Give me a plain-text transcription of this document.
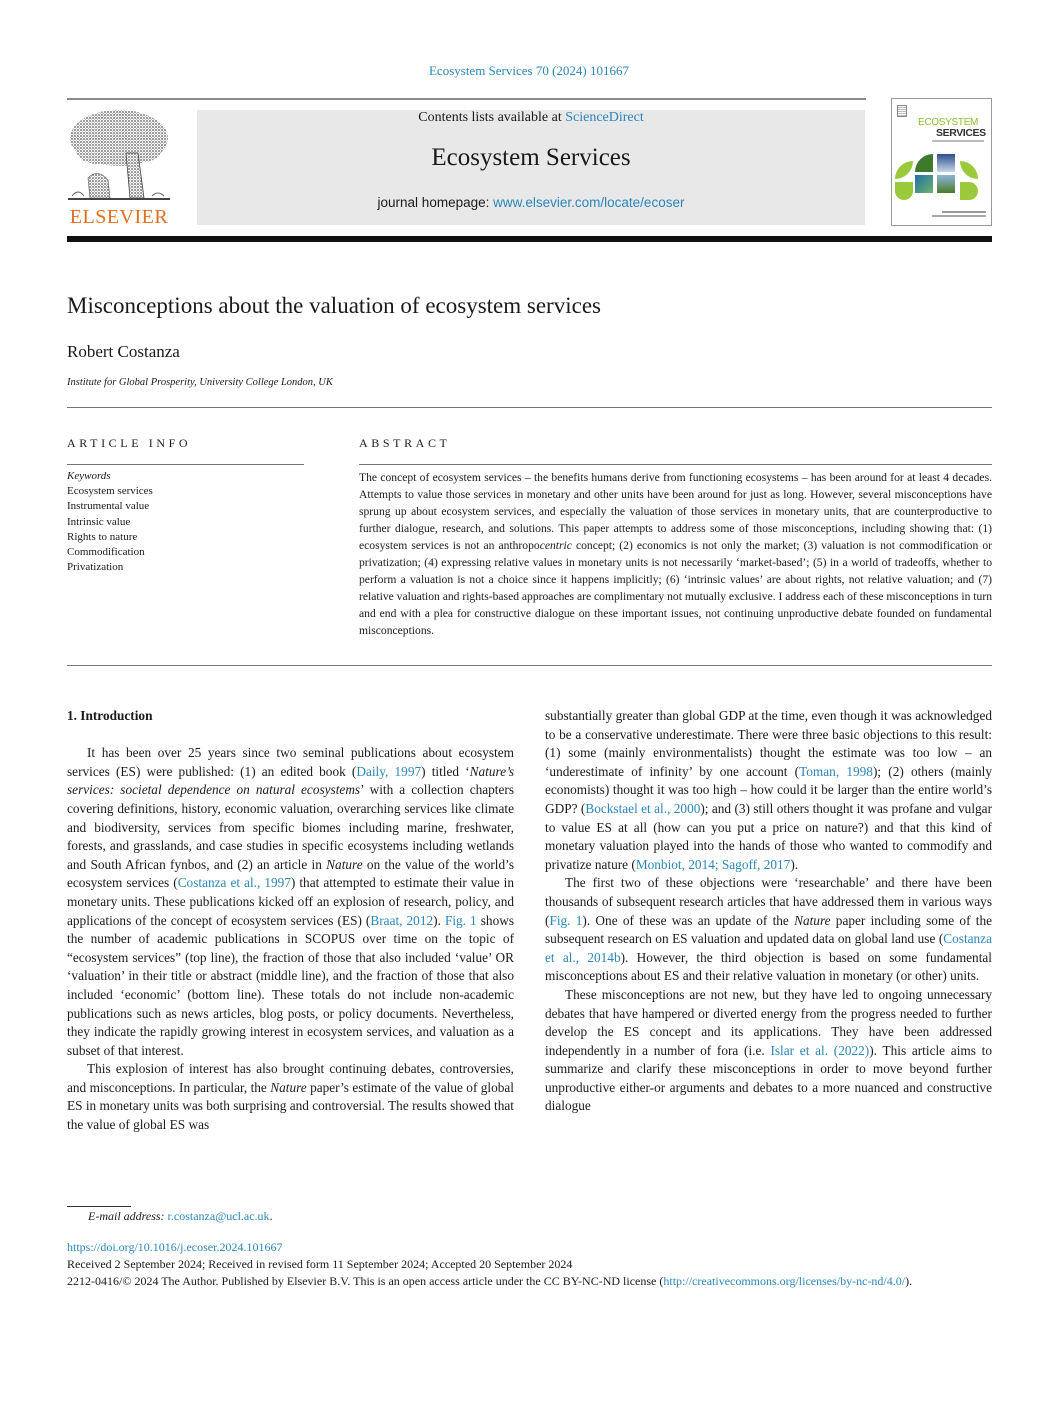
Ecosystem Services 70 (2024) 101667
ELSEVIER
Contents lists available at ScienceDirect
Ecosystem Services
journal homepage: www.elsevier.com/locate/ecoser
ECOSYSTEM
SERVICES
Misconceptions about the valuation of ecosystem services
Robert Costanza
Institute for Global Prosperity, University College London, UK
ARTICLE INFO
Keywords
Ecosystem services
Instrumental value
Intrinsic value
Rights to nature
Commodification
Privatization
ABSTRACT
The concept of ecosystem services – the benefits humans derive from functioning ecosystems – has been around for at least 4 decades. Attempts to value those services in monetary and other units have been around for just as long. However, several misconceptions have sprung up about ecosystem services, and especially the valuation of those services in monetary units, that are counterproductive to further dialogue, research, and solutions. This paper attempts to address some of those misconceptions, including showing that: (1) ecosystem services is not an anthropocentric concept; (2) economics is not only the market; (3) valuation is not commodification or privatization; (4) expressing relative values in monetary units is not necessarily ‘market-based’; (5) in a world of tradeoffs, whether to perform a valuation is not a choice since it happens implicitly; (6) ‘intrinsic values’ are about rights, not relative valuation; and (7) relative valuation and rights-based approaches are complimentary not mutually exclusive. I address each of these misconceptions in turn and end with a plea for constructive dialogue on these important issues, not continuing unproductive debate founded on fundamental misconceptions.
1. Introduction

It has been over 25 years since two seminal publications about ecosystem services (ES) were published: (1) an edited book (Daily, 1997) titled ‘Nature’s services: societal dependence on natural ecosystems’ with a collection chapters covering definitions, history, economic valuation, overarching services like climate and biodiversity, services from specific biomes including marine, freshwater, forests, and grasslands, and case studies in specific ecosystems including wetlands and South African fynbos, and (2) an article in Nature on the value of the world’s ecosystem services (Costanza et al., 1997) that attempted to estimate their value in monetary units. These publications kicked off an explosion of research, policy, and applications of the concept of ecosystem services (ES) (Braat, 2012). Fig. 1 shows the number of academic publications in SCOPUS over time on the topic of “ecosystem services” (top line), the fraction of those that also included ‘value’ OR ‘valuation’ in their title or abstract (middle line), and the fraction of those that also included ‘economic’ (bottom line). These totals do not include non-academic publications such as news articles, blog posts, or policy documents. Nevertheless, they indicate the rapidly growing interest in ecosystem services, and valuation as a subset of that interest.

This explosion of interest has also brought continuing debates, controversies, and misconceptions. In particular, the Nature paper’s estimate of the value of global ES in monetary units was both surprising and controversial. The results showed that the value of global ES was

substantially greater than global GDP at the time, even though it was acknowledged to be a conservative underestimate. There were three basic objections to this result: (1) some (mainly environmentalists) thought the estimate was too low – an ‘underestimate of infinity’ by one account (Toman, 1998); (2) others (mainly economists) thought it was too high – how could it be larger than the entire world’s GDP? (Bockstael et al., 2000); and (3) still others thought it was profane and vulgar to value ES at all (how can you put a price on nature?) and that this kind of monetary valuation played into the hands of those who wanted to commodify and privatize nature (Monbiot, 2014; Sagoff, 2017).

The first two of these objections were ‘researchable’ and there have been thousands of subsequent research articles that have addressed them in various ways (Fig. 1). One of these was an update of the Nature paper including some of the subsequent research on ES valuation and updated data on global land use (Costanza et al., 2014b). However, the third objection is based on some fundamental misconceptions about ES and their relative valuation in monetary (or other) units.

These misconceptions are not new, but they have led to ongoing unnecessary debates that have hampered or diverted energy from the progress needed to further develop the ES concept and its applications. They have been addressed independently in a number of fora (i.e. Islar et al. (2022)). This article aims to summarize and clarify these misconceptions in order to move beyond further unproductive either-or arguments and debates to a more nuanced and constructive dialogue

E-mail address: r.costanza@ucl.ac.uk.
https://doi.org/10.1016/j.ecoser.2024.101667
Received 2 September 2024; Received in revised form 11 September 2024; Accepted 20 September 2024
2212-0416/© 2024 The Author. Published by Elsevier B.V. This is an open access article under the CC BY-NC-ND license (http://creativecommons.org/licenses/by-nc-nd/4.0/).
